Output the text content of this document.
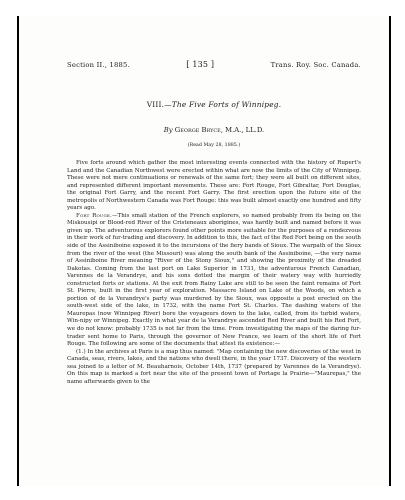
Section II., 1885.	[ 135 ]	Trans. Roy. Soc. Canada.
VIII.—The Five Forts of Winnipeg.
By George Bryce, M.A., LL.D.
(Read May 28, 1885.)

Five forts around which gather the most interesting events connected with the history of Rupert's Land and the Canadian Northwest were erected within what are now the limits of the City of Winnipeg. These were not mere continuations or renewals of the same fort; they were all built on different sites, and represented different important movements. These are: Fort Rouge, Fort Gibraltar, Fort Douglas, the original Fort Garry, and the recent Fort Garry. The first erection upon the future site of the metropolis of Northwestern Canada was Fort Rouge: this was built almost exactly one hundred and fifty years ago.

Fort Rouge.—This small station of the French explorers, so named probably from its being on the Miskousipi or Blood-red River of the Cristeneaux aborigines, was hardly built and named before it was given up. The adventurous explorers found other points more suitable for the purposes of a rendezvous in their work of fur-trading and discovery. In addition to this, the fact of the Red Fort being on the south side of the Assiniboine exposed it to the incursions of the fiery bands of Sioux. The warpath of the Sioux from the river of the west (the Missouri) was along the south bank of the Assiniboine, —the very name of Assiniboine River meaning "River of the Stony Sioux," and showing the proximity of the dreaded Dakotas. Coming from the last port on Lake Superior in 1731, the adventurous French Canadian, Varennes de la Verandrye, and his sons dotted the margin of their watery way with hurriedly constructed forts or stations. At the exit from Rainy Lake are still to be seen the faint remains of Fort St. Pierre, built in the first year of exploration. Massacre Island on Lake of the Woods, on which a portion of de la Verandrye's party was murdered by the Sioux, was opposite a post erected on the south-west side of the lake, in 1732, with the name Fort St. Charles. The dashing waters of the Maurepas (now Winnipeg River) bore the voyageurs down to the lake, called, from its turbid waters, Win-nipy or Winnipeg. Exactly in what year de la Verandrye ascended Red River and built his Red Fort, we do not know: probably 1735 is not far from the time. From investigating the maps of the daring fur-trader sent home to Paris, through the governor of New France, we learn of the short life of Fort Rouge. The following are some of the documents that attest its existence:—

(1.) In the archives at Paris is a map thus named: "Map containing the new discoveries of the west in Canada, seas, rivers, lakes, and the nations who dwell there, in the year 1737. Discovery of the western sea joined to a letter of M. Beauharnois, October 14th, 1737 (prepared by Varennes de la Verandrye). On this map is marked a fort near the site of the present town of Portage la Prairie—"Maurepas," the name afterwards given to the
